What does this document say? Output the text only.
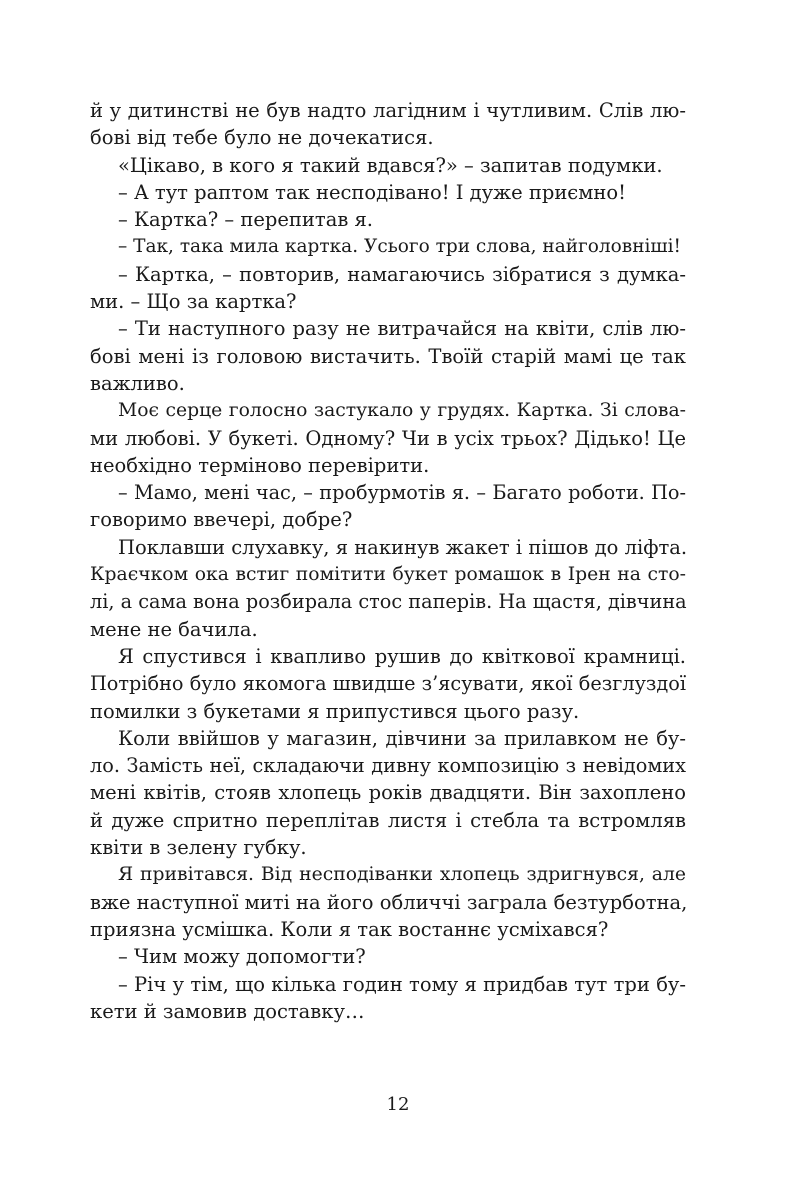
й у дитинстві не був надто лагідним і чутливим. Слів лю-
бові від тебе було не дочекатися.
«Цікаво, в кого я такий вдався?» – запитав подумки.
– А тут раптом так несподівано! І дуже приємно!
– Картка? – перепитав я.
– Так, така мила картка. Усього три слова, найголовніші!
– Картка, – повторив, намагаючись зібратися з думка-
ми. – Що за картка?
– Ти наступного разу не витрачайся на квіти, слів лю-
бові мені із головою вистачить. Твоїй старій мамі це так
важливо.
Моє серце голосно застукало у грудях. Картка. Зі слова-
ми любові. У букеті. Одному? Чи в усіх трьох? Дідько! Це
необхідно терміново перевірити.
– Мамо, мені час, – пробурмотів я. – Багато роботи. По-
говоримо ввечері, добре?
Поклавши слухавку, я накинув жакет і пішов до ліфта.
Краєчком ока встиг помітити букет ромашок в Ірен на сто-
лі, а сама вона розбирала стос паперів. На щастя, дівчина
мене не бачила.
Я спустився і квапливо рушив до квіткової крамниці.
Потрібно було якомога швидше з’ясувати, якої безглуздої
помилки з букетами я припустився цього разу.
Коли ввійшов у магазин, дівчини за прилавком не бу-
ло. Замість неї, складаючи дивну композицію з невідомих
мені квітів, стояв хлопець років двадцяти. Він захоплено
й дуже спритно переплітав листя і стебла та встромляв
квіти в зелену губку.
Я привітався. Від несподіванки хлопець здригнувся, але
вже наступної миті на його обличчі заграла безтурботна,
приязна усмішка. Коли я так востаннє усміхався?
– Чим можу допомогти?
– Річ у тім, що кілька годин тому я придбав тут три бу-
кети й замовив доставку…
12
